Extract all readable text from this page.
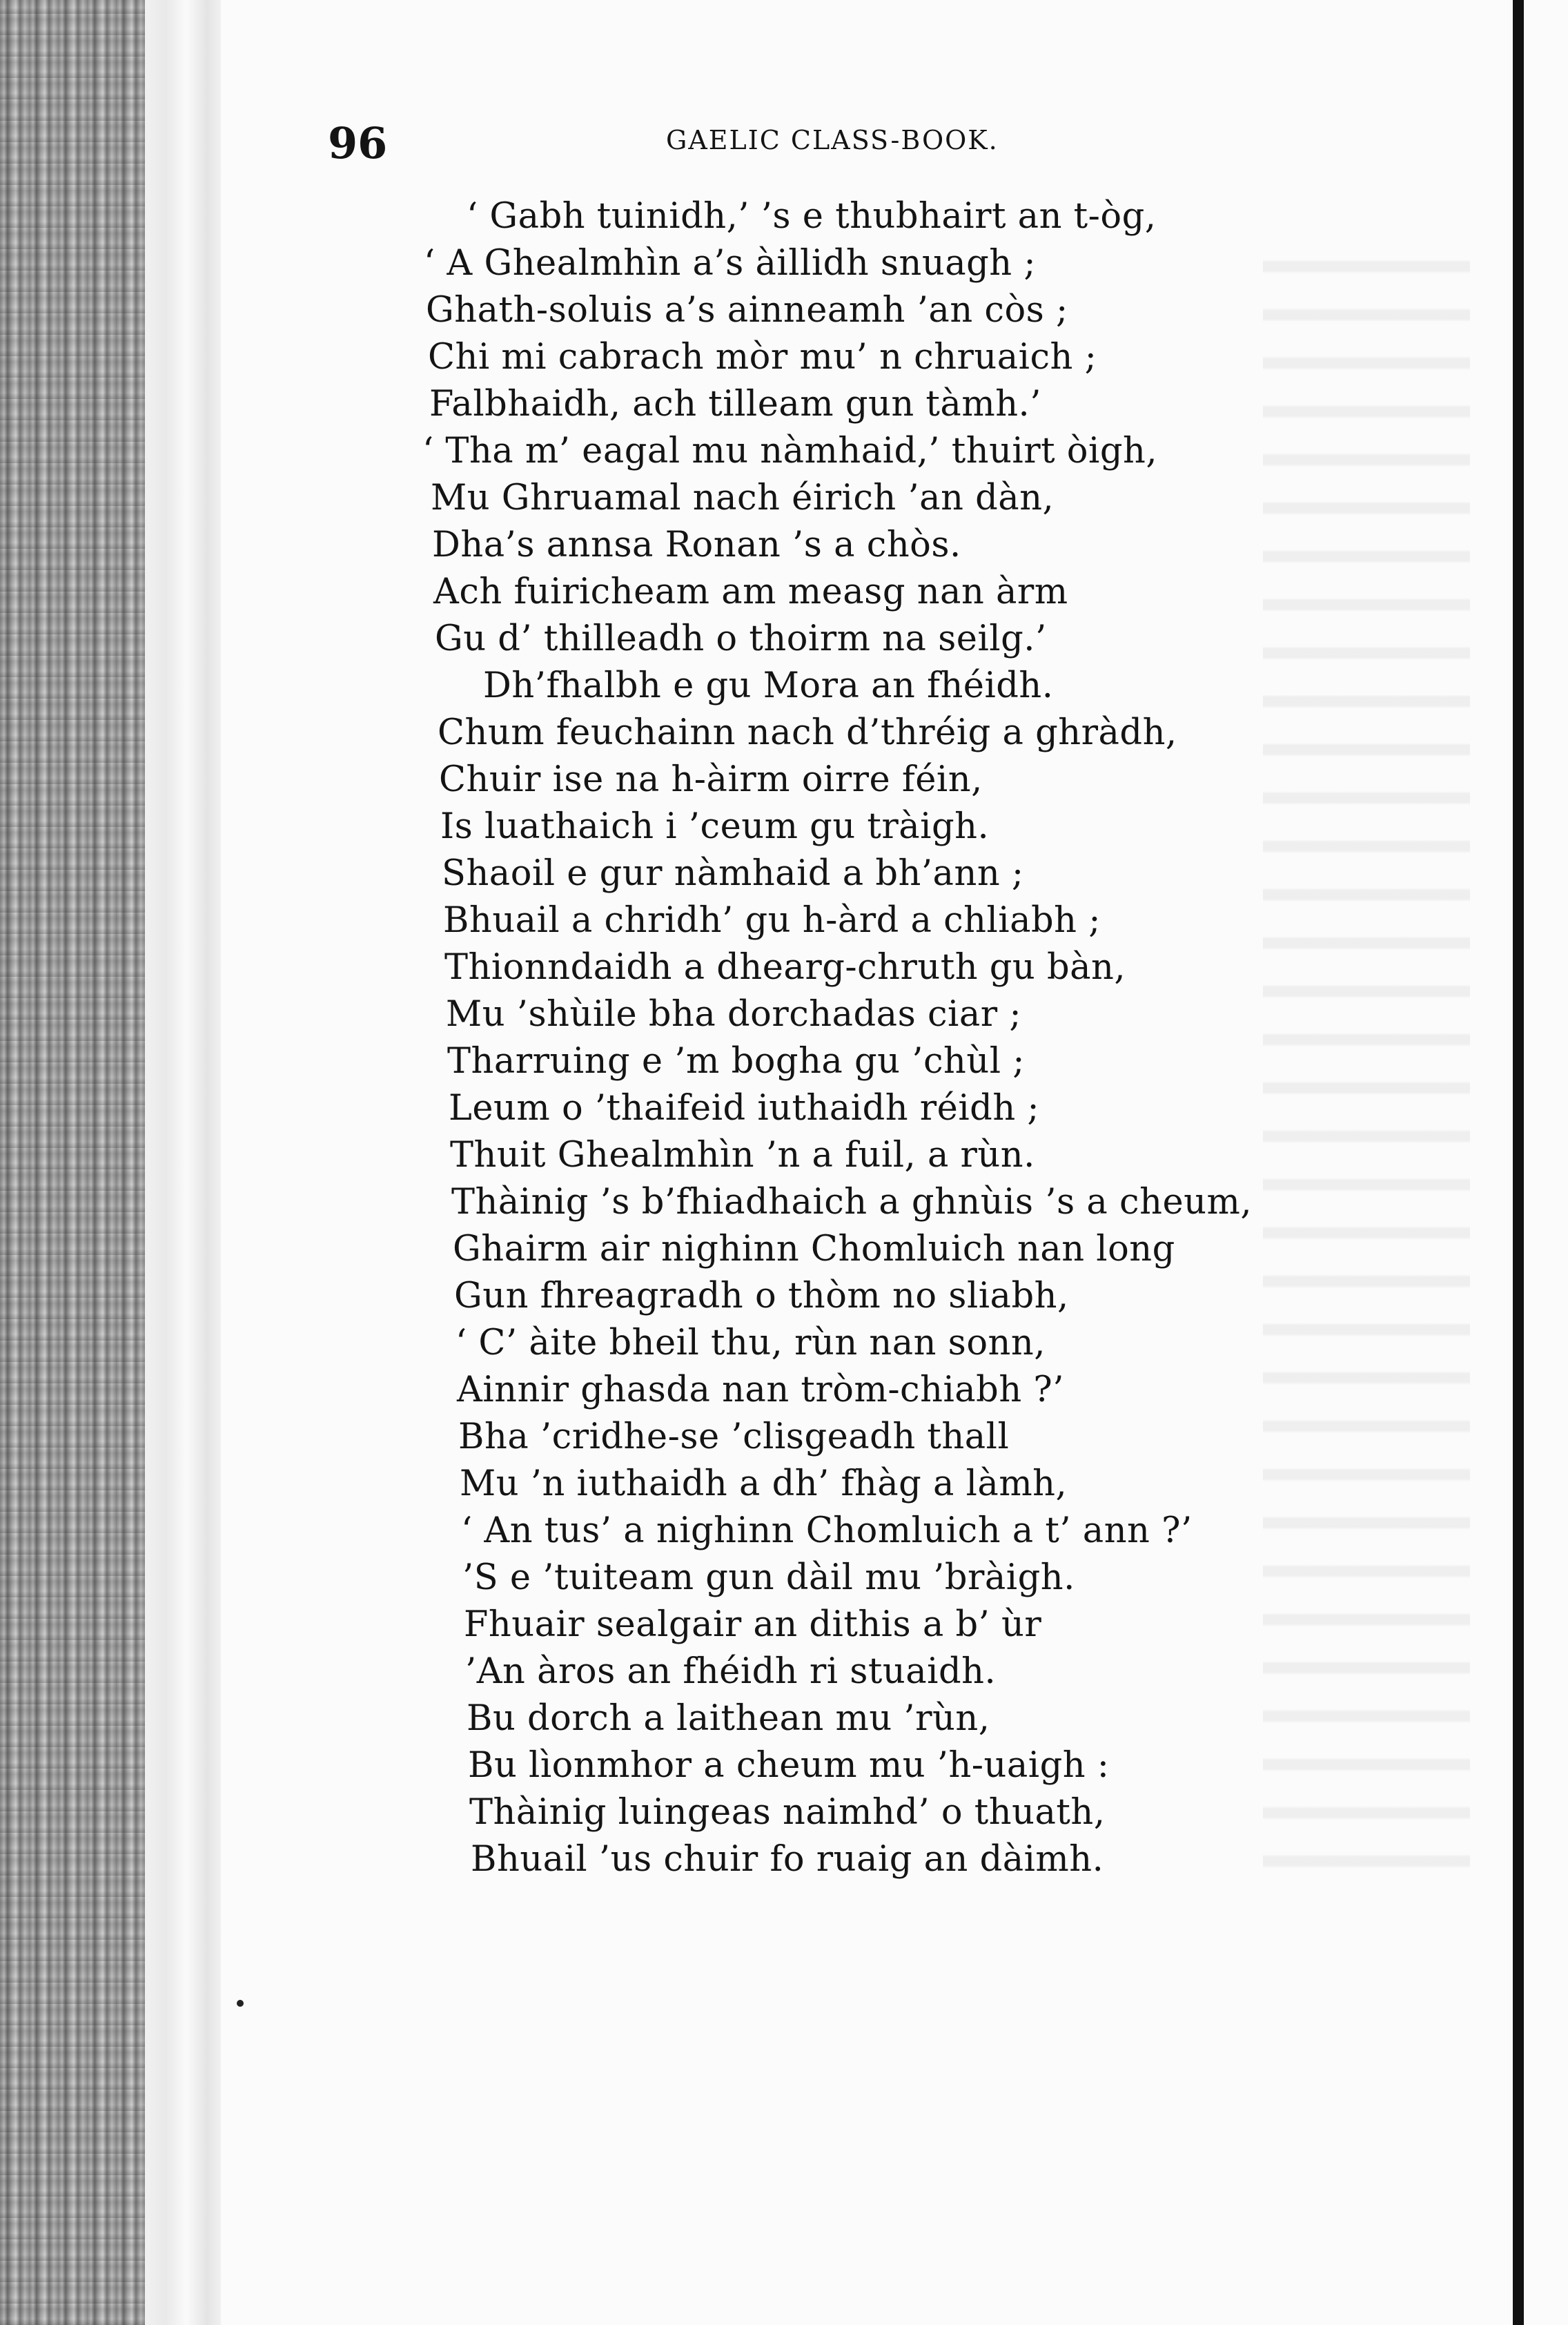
96	GAELIC CLASS-BOOK.
‘ Gabh tuinidh,’ ’s e thubhairt an t-òg,
‘ A Ghealmhìn a’s àillidh snuagh ;
Ghath-soluis a’s ainneamh ’an còs ;
Chi mi cabrach mòr mu’ n chruaich ;
Falbhaidh, ach tilleam gun tàmh.’
‘ Tha m’ eagal mu nàmhaid,’ thuirt òigh,
Mu Ghruamal nach éirich ’an dàn,
Dha’s annsa Ronan ’s a chòs.
Ach fuiricheam am measg nan àrm
Gu d’ thilleadh o thoirm na seilg.’
Dh’fhalbh e gu Mora an fhéidh.
Chum feuchainn nach d’thréig a ghràdh,
Chuir ise na h-àirm oirre féin,
Is luathaich i ’ceum gu tràigh.
Shaoil e gur nàmhaid a bh’ann ;
Bhuail a chridh’ gu h-àrd a chliabh ;
Thionndaidh a dhearg-chruth gu bàn,
Mu ’shùile bha dorchadas ciar ;
Tharruing e ’m bogha gu ’chùl ;
Leum o ’thaifeid iuthaidh réidh ;
Thuit Ghealmhìn ’n a fuil, a rùn.
Thàinig ’s b’fhiadhaich a ghnùis ’s a cheum,
Ghairm air nighinn Chomluich nan long
Gun fhreagradh o thòm no sliabh,
‘ C’ àite bheil thu, rùn nan sonn,
Ainnir ghasda nan tròm-chiabh ?’
Bha ’cridhe-se ’clisgeadh thall
Mu ’n iuthaidh a dh’ fhàg a làmh,
‘ An tus’ a nighinn Chomluich a t’ ann ?’
’S e ’tuiteam gun dàil mu ’bràigh.
Fhuair sealgair an dithis a b’ ùr
’An àros an fhéidh ri stuaidh.
Bu dorch a laithean mu ’rùn,
Bu lìonmhor a cheum mu ’h-uaigh :
Thàinig luingeas naimhd’ o thuath,
Bhuail ’us chuir fo ruaig an dàimh.
